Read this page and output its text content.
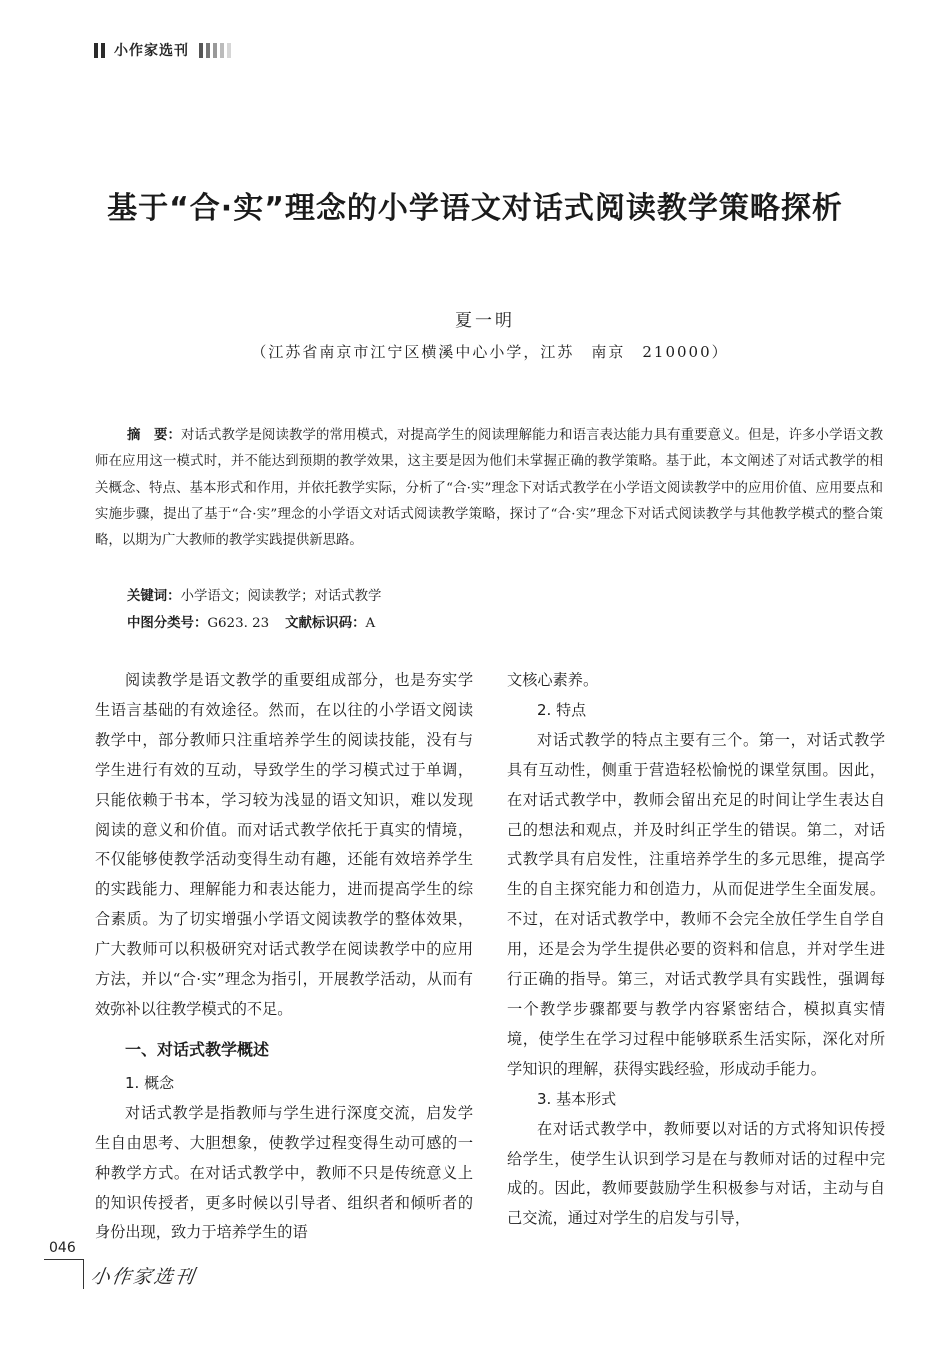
小作家选刊
基于“合·实”理念的小学语文对话式阅读教学策略探析
夏一明
（江苏省南京市江宁区横溪中心小学，江苏　南京　210000）

摘　要：对话式教学是阅读教学的常用模式，对提高学生的阅读理解能力和语言表达能力具有重要意义。但是，许多小学语文教师在应用这一模式时，并不能达到预期的教学效果，这主要是因为他们未掌握正确的教学策略。基于此，本文阐述了对话式教学的相关概念、特点、基本形式和作用，并依托教学实际，分析了“合·实”理念下对话式教学在小学语文阅读教学中的应用价值、应用要点和实施步骤，提出了基于“合·实”理念的小学语文对话式阅读教学策略，探讨了“合·实”理念下对话式阅读教学与其他教学模式的整合策略，以期为广大教师的教学实践提供新思路。

关键词：小学语文；阅读教学；对话式教学
中图分类号：G623. 23 文献标识码：A

阅读教学是语文教学的重要组成部分，也是夯实学生语言基础的有效途径。然而，在以往的小学语文阅读教学中，部分教师只注重培养学生的阅读技能，没有与学生进行有效的互动，导致学生的学习模式过于单调，只能依赖于书本，学习较为浅显的语文知识，难以发现阅读的意义和价值。而对话式教学依托于真实的情境，不仅能够使教学活动变得生动有趣，还能有效培养学生的实践能力、理解能力和表达能力，进而提高学生的综合素质。为了切实增强小学语文阅读教学的整体效果，广大教师可以积极研究对话式教学在阅读教学中的应用方法，并以“合·实”理念为指引，开展教学活动，从而有效弥补以往教学模式的不足。

一、对话式教学概述
1. 概念

对话式教学是指教师与学生进行深度交流，启发学生自由思考、大胆想象，使教学过程变得生动可感的一种教学方式。在对话式教学中，教师不只是传统意义上的知识传授者，更多时候以引导者、组织者和倾听者的身份出现，致力于培养学生的语

文核心素养。

2. 特点

对话式教学的特点主要有三个。第一，对话式教学具有互动性，侧重于营造轻松愉悦的课堂氛围。因此，在对话式教学中，教师会留出充足的时间让学生表达自己的想法和观点，并及时纠正学生的错误。第二，对话式教学具有启发性，注重培养学生的多元思维，提高学生的自主探究能力和创造力，从而促进学生全面发展。不过，在对话式教学中，教师不会完全放任学生自学自用，还是会为学生提供必要的资料和信息，并对学生进行正确的指导。第三，对话式教学具有实践性，强调每一个教学步骤都要与教学内容紧密结合，模拟真实情境，使学生在学习过程中能够联系生活实际，深化对所学知识的理解，获得实践经验，形成动手能力。

3. 基本形式

在对话式教学中，教师要以对话的方式将知识传授给学生，使学生认识到学习是在与教师对话的过程中完成的。因此，教师要鼓励学生积极参与对话，主动与自己交流，通过对学生的启发与引导，

046
小作家选刊
